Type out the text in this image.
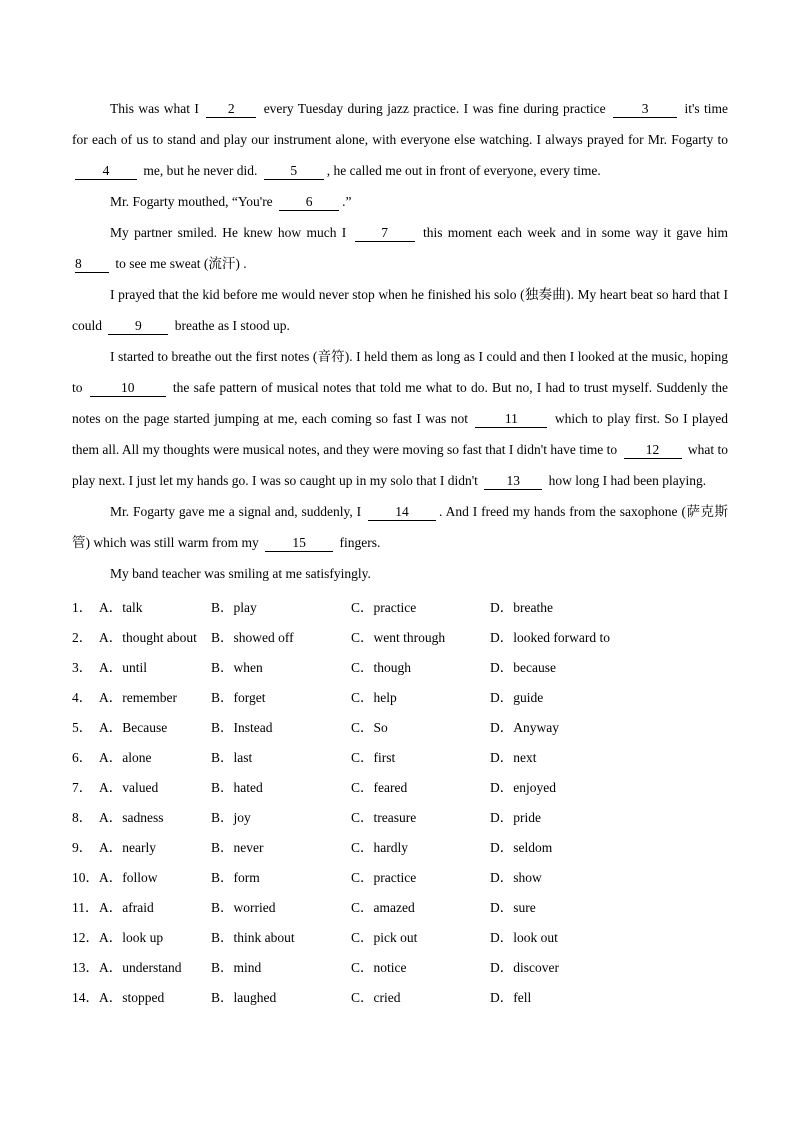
This was what I 2 every Tuesday during jazz practice. I was fine during practice	3	it's time for each of us to stand and play our instrument alone, with everyone else watching. I always prayed for Mr. Fogarty to 4	me, but he never did. 5 , he called me out in front of everyone, every time.

Mr. Fogarty mouthed, “You're 6 .”

My partner smiled. He knew how much I	7	this moment each week and in some way it gave him 8 to see me sweat (流汗) .

I prayed that the kid before me would never stop when he finished his solo (独奏曲). My heart beat so hard that I could 9 breathe as I stood up.

I started to breathe out the first notes (音符). I held them as long as I could and then I looked at the music, hoping to	10	the safe pattern of musical notes that told me what to do. But no, I had to trust myself. Suddenly the notes on the page started jumping at me, each coming so fast I was not	11	which to play first. So I played them all. All my thoughts were musical notes, and they were moving so fast that I didn't have time to 12 what to play next. I just let my hands go. I was so caught up in my solo that I didn't 13 how long I had been playing.

Mr. Fogarty gave me a signal and, suddenly, I	14 . And I freed my hands from the saxophone (萨克斯管) which was still warm from my 15 fingers.

My band teacher was smiling at me satisfyingly.

1． A．talk	B．play	C．practice	D．breathe
2． A．thought about B．showed off	C．went through	D．looked forward to
3． A．until	B．when	C．though	D．because
4． A．remember	B．forget	C．help	D．guide
5． A．Because	B．Instead	C．So	D．Anyway
6． A．alone	B．last	C．first	D．next
7． A．valued	B．hated	C．feared	D．enjoyed
8． A．sadness	B．joy	C．treasure	D．pride
9． A．nearly	B．never	C．hardly	D．seldom
10． A．follow	B．form	C．practice	D．show
11． A．afraid	B．worried	C．amazed	D．sure
12． A．look up	B．think about	C．pick out	D．look out
13． A．understand B．mind	C．notice	D．discover
14． A．stopped	B．laughed	C．cried	D．fell
